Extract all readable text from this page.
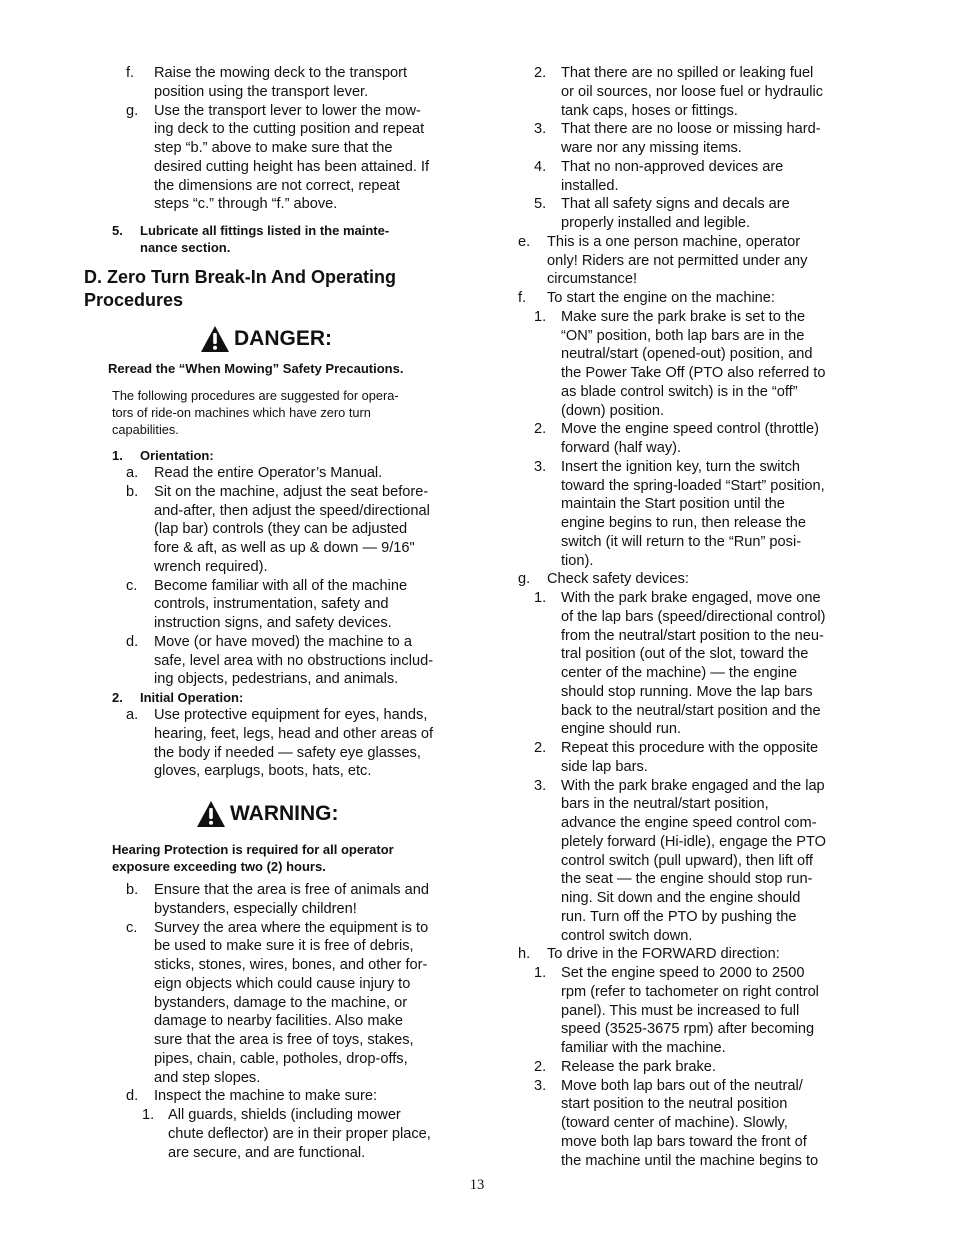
f. Raise the mowing deck to the transport
position using the transport lever.
g. Use the transport lever to lower the mow-
ing deck to the cutting position and repeat
step “b.” above to make sure that the
desired cutting height has been attained. If
the dimensions are not correct, repeat
steps “c.” through “f.” above.
5. Lubricate all fittings listed in the mainte-
nance section.
D. Zero Turn Break-In And Operating
Procedures
DANGER:
Reread the “When Mowing” Safety Precautions.
The following procedures are suggested for opera-
tors of ride-on machines which have zero turn
capabilities.
1. Orientation:
a. Read the entire Operator’s Manual.
b. Sit on the machine, adjust the seat before-
and-after, then adjust the speed/directional
(lap bar) controls (they can be adjusted
fore & aft, as well as up & down — 9/16"
wrench required).
c. Become familiar with all of the machine
controls, instrumentation, safety and
instruction signs, and safety devices.
d. Move (or have moved) the machine to a
safe, level area with no obstructions includ-
ing objects, pedestrians, and animals.
2. Initial Operation:
a. Use protective equipment for eyes, hands,
hearing, feet, legs, head and other areas of
the body if needed — safety eye glasses,
gloves, earplugs, boots, hats, etc.
WARNING:
Hearing Protection is required for all operator
exposure exceeding two (2) hours.
b. Ensure that the area is free of animals and
bystanders, especially children!
c. Survey the area where the equipment is to
be used to make sure it is free of debris,
sticks, stones, wires, bones, and other for-
eign objects which could cause injury to
bystanders, damage to the machine, or
damage to nearby facilities. Also make
sure that the area is free of toys, stakes,
pipes, chain, cable, potholes, drop-offs,
and step slopes.
d. Inspect the machine to make sure:
1. All guards, shields (including mower
chute deflector) are in their proper place,
are secure, and are functional.
2. That there are no spilled or leaking fuel
or oil sources, nor loose fuel or hydraulic
tank caps, hoses or fittings.
3. That there are no loose or missing hard-
ware nor any missing items.
4. That no non-approved devices are
installed.
5. That all safety signs and decals are
properly installed and legible.
e. This is a one person machine, operator
only! Riders are not permitted under any
circumstance!
f. To start the engine on the machine:
1. Make sure the park brake is set to the
“ON” position, both lap bars are in the
neutral/start (opened-out) position, and
the Power Take Off (PTO also referred to
as blade control switch) is in the “off”
(down) position.
2. Move the engine speed control (throttle)
forward (half way).
3. Insert the ignition key, turn the switch
toward the spring-loaded “Start” position,
maintain the Start position until the
engine begins to run, then release the
switch (it will return to the “Run” posi-
tion).
g. Check safety devices:
1. With the park brake engaged, move one
of the lap bars (speed/directional control)
from the neutral/start position to the neu-
tral position (out of the slot, toward the
center of the machine) — the engine
should stop running. Move the lap bars
back to the neutral/start position and the
engine should run.
2. Repeat this procedure with the opposite
side lap bars.
3. With the park brake engaged and the lap
bars in the neutral/start position,
advance the engine speed control com-
pletely forward (Hi-idle), engage the PTO
control switch (pull upward), then lift off
the seat — the engine should stop run-
ning. Sit down and the engine should
run. Turn off the PTO by pushing the
control switch down.
h. To drive in the FORWARD direction:
1. Set the engine speed to 2000 to 2500
rpm (refer to tachometer on right control
panel). This must be increased to full
speed (3525-3675 rpm) after becoming
familiar with the machine.
2. Release the park brake.
3. Move both lap bars out of the neutral/
start position to the neutral position
(toward center of machine). Slowly,
move both lap bars toward the front of
the machine until the machine begins to
13
